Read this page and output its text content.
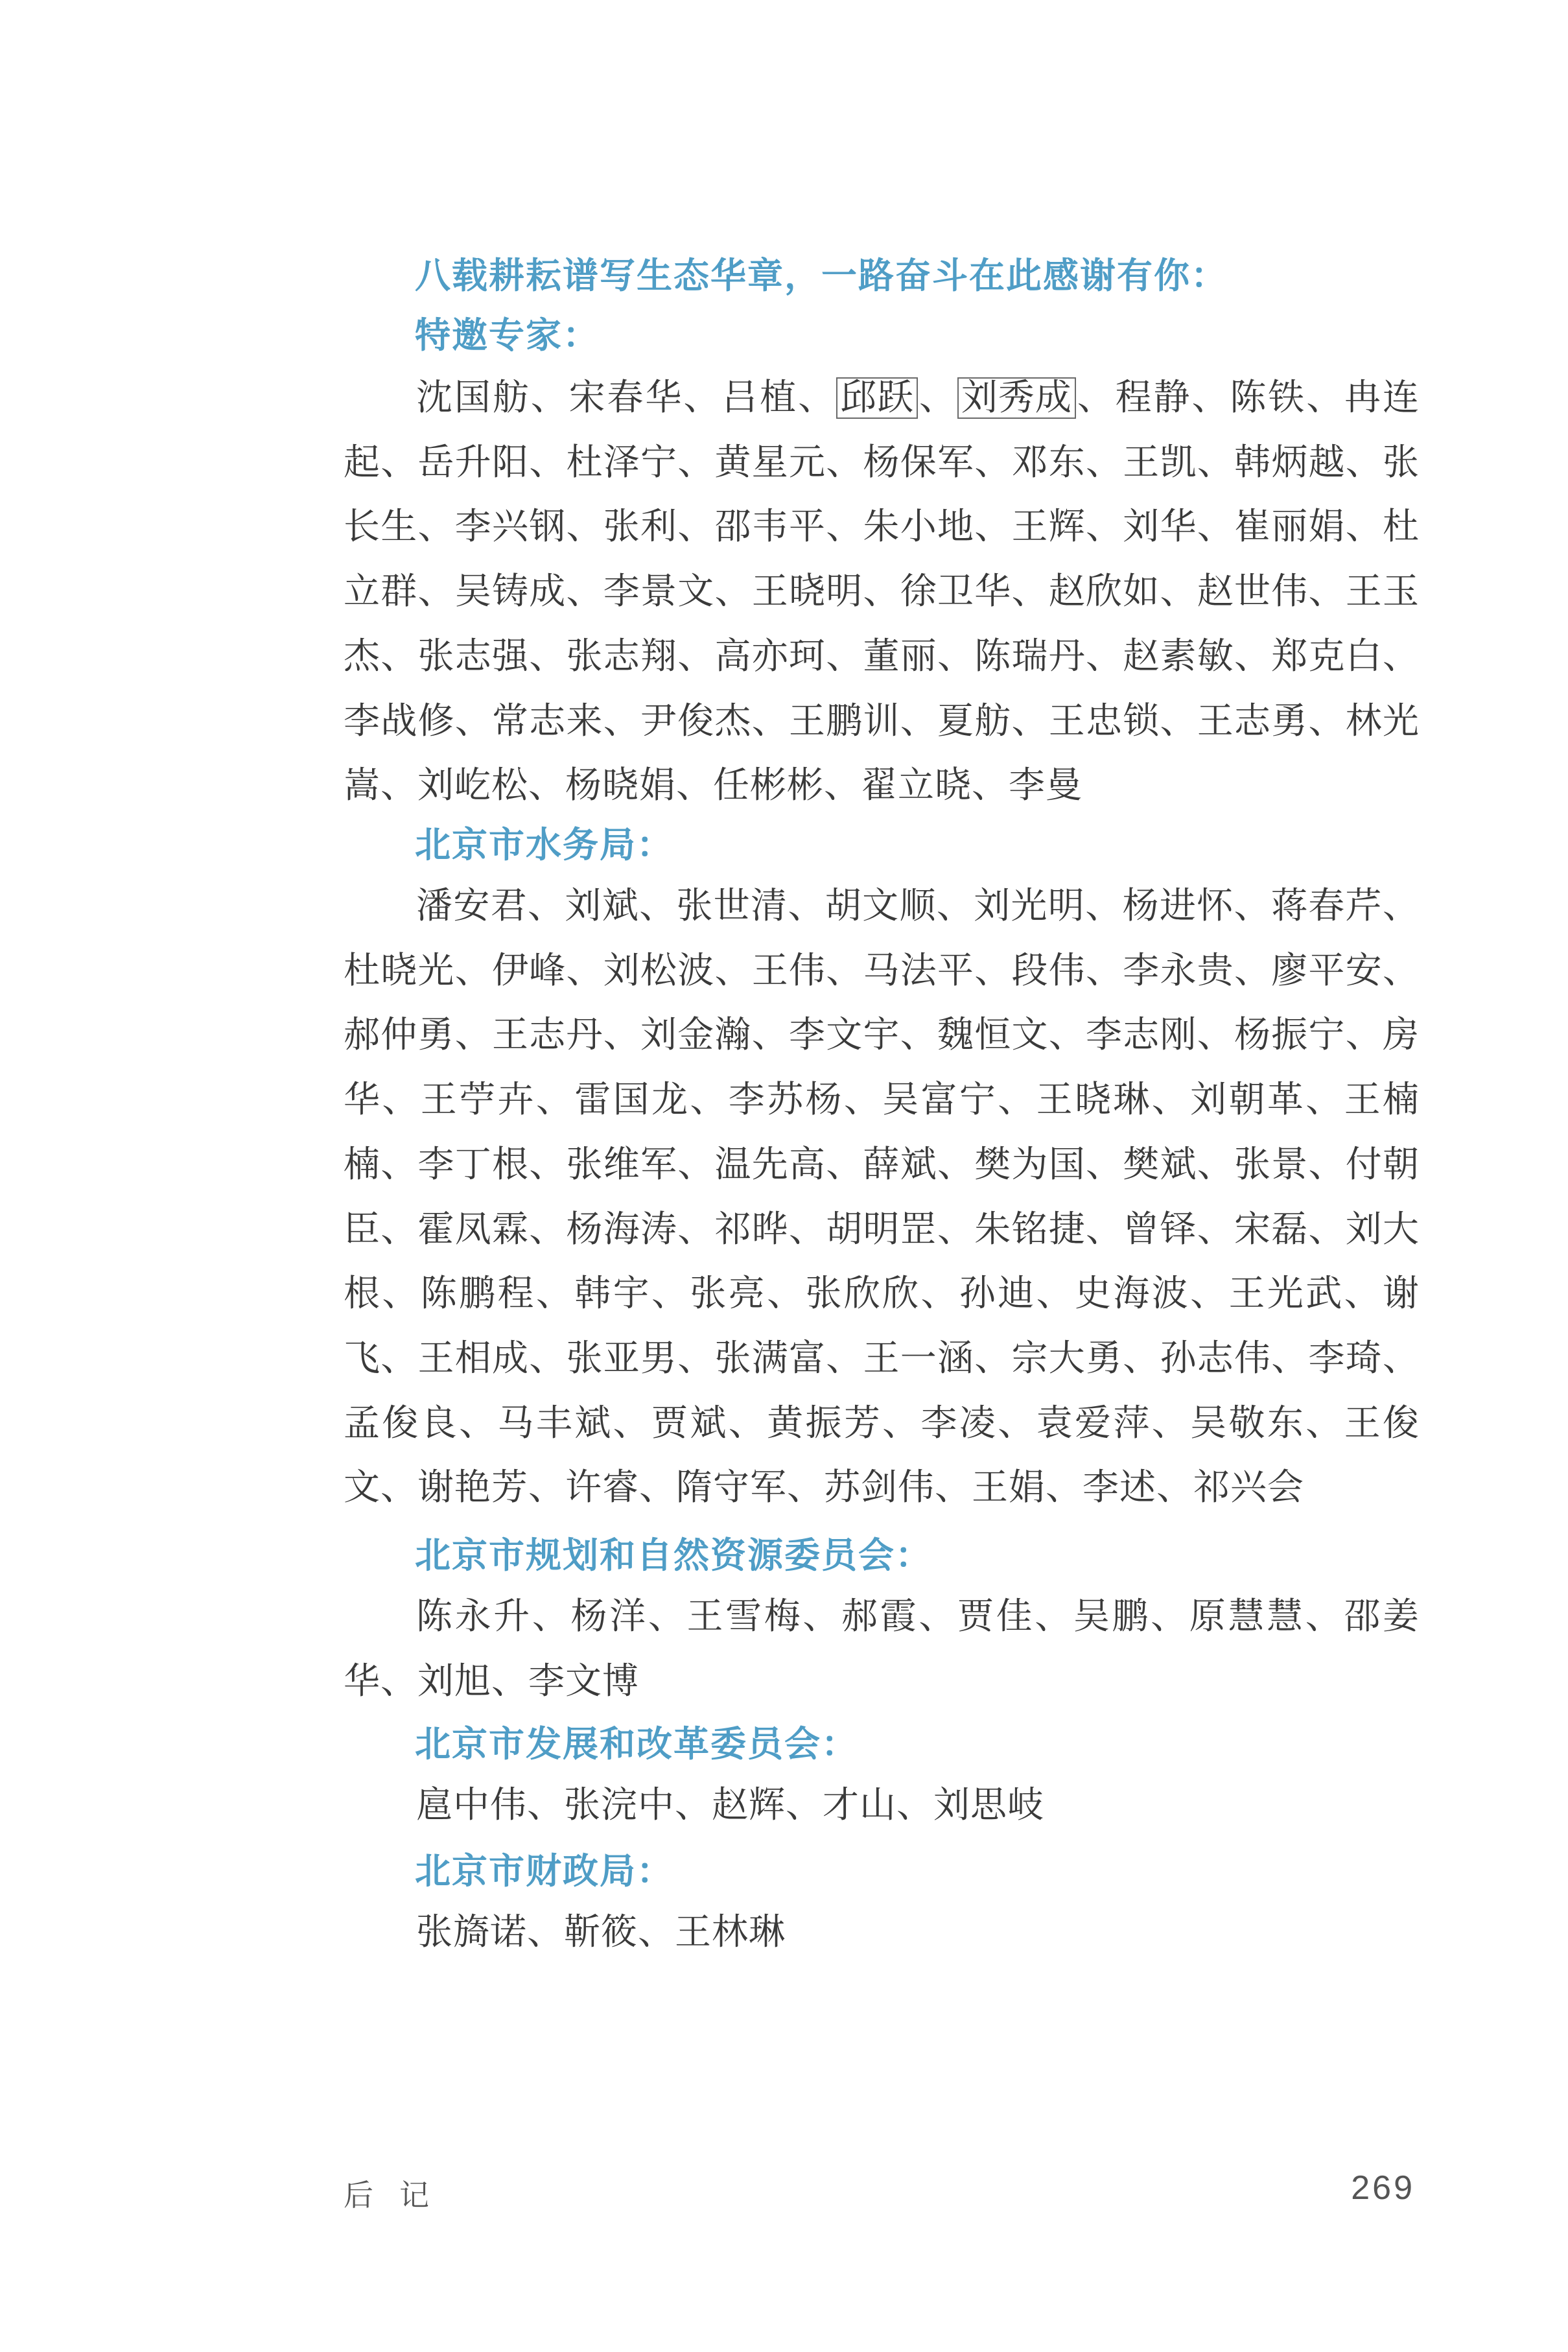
八载耕耘谱写生态华章，一路奋斗在此感谢有你：
特邀专家：
沈国舫、宋春华、吕植、 邱跃 、 刘秀成 、程静、陈铁、冉连起、岳升阳、杜泽宁、黄星元、杨保军、邓东、王凯、韩炳越、张长生、李兴钢、张利、邵韦平、朱小地、王辉、刘华、崔丽娟、杜立群、吴铸成、李景文、王晓明、徐卫华、赵欣如、赵世伟、王玉杰、张志强、张志翔、高亦珂、董丽、陈瑞丹、赵素敏、郑克白、李战修、常志来、尹俊杰、王鹏训、夏舫、王忠锁、王志勇、林光嵩、刘屹松、杨晓娟、任彬彬、翟立晓、李曼
北京市水务局：
潘安君、刘斌、张世清、胡文顺、刘光明、杨进怀、蒋春芹、杜晓光、伊峰、刘松波、王伟、马法平、段伟、李永贵、廖平安、郝仲勇、王志丹、刘金瀚、李文宇、魏恒文、李志刚、杨振宁、房华、王苧卉、雷国龙、李苏杨、吴富宁、王晓琳、刘朝革、王楠楠、李丁根、张维军、温先高、薛斌、樊为国、樊斌、张景、付朝臣、霍凤霖、杨海涛、祁晔、胡明罡、朱铭捷、曾铎、宋磊、刘大根、陈鹏程、韩宇、张亮、张欣欣、孙迪、史海波、王光武、谢飞、王相成、张亚男、张满富、王一涵、宗大勇、孙志伟、李琦、孟俊良、马丰斌、贾斌、黄振芳、李凌、袁爱萍、吴敬东、王俊文、谢艳芳、许睿、隋守军、苏剑伟、王娟、李述、祁兴会
北京市规划和自然资源委员会：
陈永升、杨洋、王雪梅、郝霞、贾佳、吴鹏、原慧慧、邵姜华、刘旭、李文博
北京市发展和改革委员会：
扈中伟、张浣中、赵辉、才山、刘思岐
北京市财政局：
张旖诺、靳筱、王林琳
后记	269
